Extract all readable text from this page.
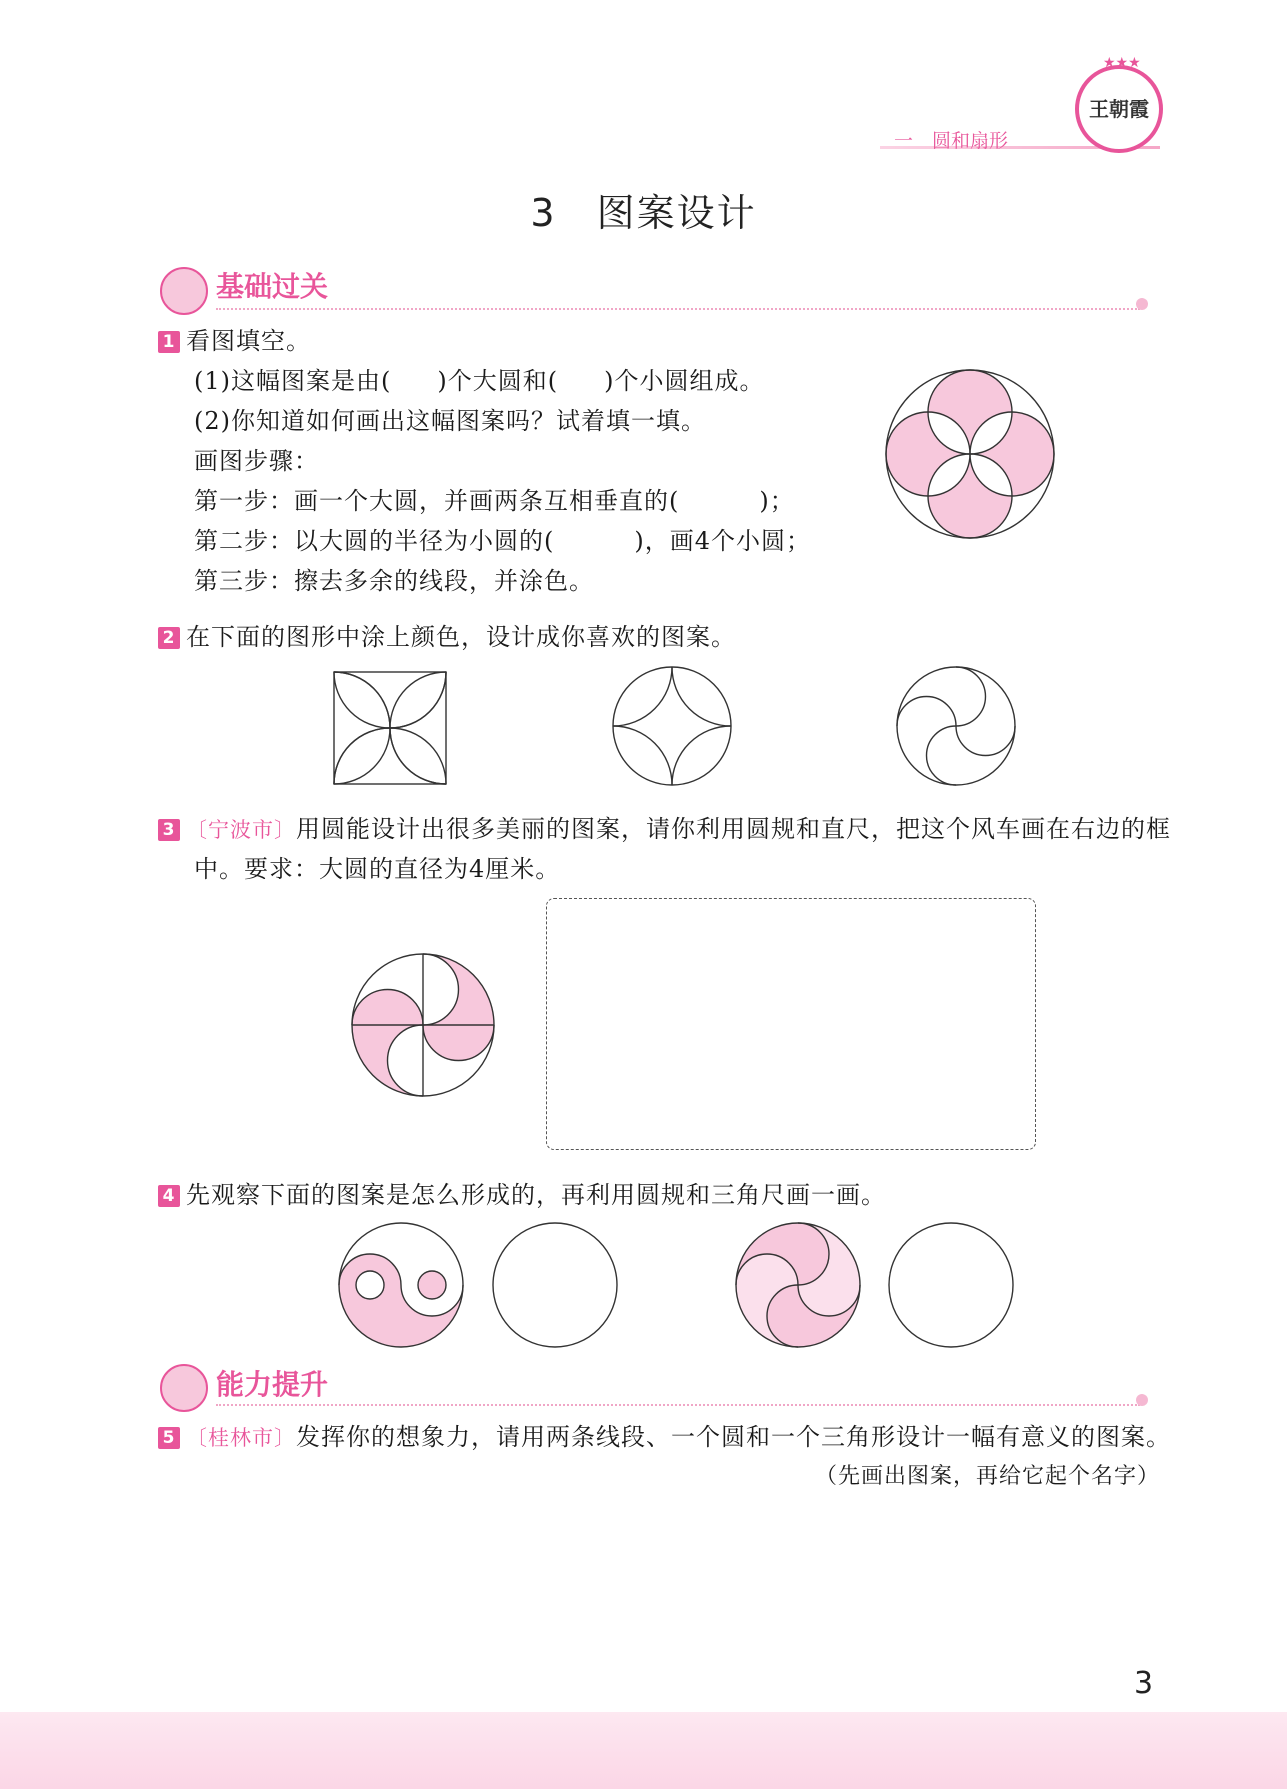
一　圆和扇形
王朝霞
★★★
3　图案设计
基础过关
1 看图填空。
(1)这幅图案是由( )个大圆和( )个小圆组成。
(2)你知道如何画出这幅图案吗？试着填一填。
画图步骤：
第一步：画一个大圆，并画两条互相垂直的(	)；
第二步：以大圆的半径为小圆的(	)，画4个小圆；
第三步：擦去多余的线段，并涂色。
2 在下面的图形中涂上颜色，设计成你喜欢的图案。
3 〔宁波市〕用圆能设计出很多美丽的图案，请你利用圆规和直尺，把这个风车画在右边的框
中。要求：大圆的直径为4厘米。
4 先观察下面的图案是怎么形成的，再利用圆规和三角尺画一画。
能力提升
5 〔桂林市〕发挥你的想象力，请用两条线段、一个圆和一个三角形设计一幅有意义的图案。
（先画出图案，再给它起个名字）
3
